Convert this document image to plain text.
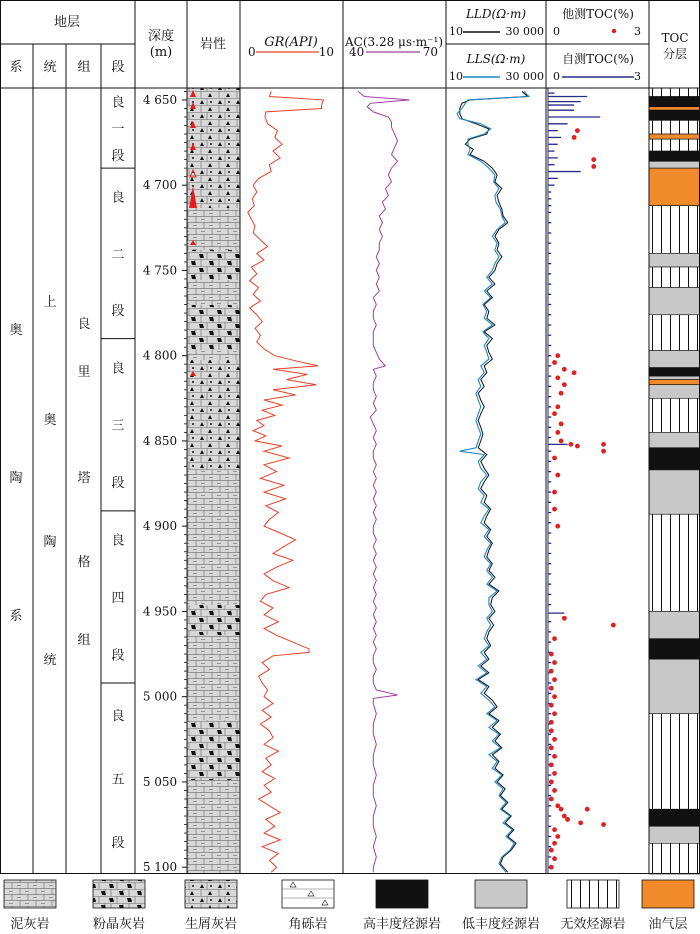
4 650
4 700
4 750
4 800
4 850
4 900
4 950
5 000
5 050
5 100
地层
系 统 组 段
深度
(m)
岩性	GR(API)
0	10
AC(3.28 μs·m⁻¹)
40	70
LLD(Ω·m)
10	30 000
LLS(Ω·m)
10	30 000
他测TOC(%)
0	3
自测TOC(%)
0	3
TOC
分层
奥
陶
系
上
奥
陶
统
良
里
塔
格
组
良
一
段
良
二
段
良
三
段
良
四
段
良
五
段
泥灰岩	粉晶灰岩	生屑灰岩	角砾岩	高丰度烃源岩 低丰度烃源岩 无效烃源岩 油气层
